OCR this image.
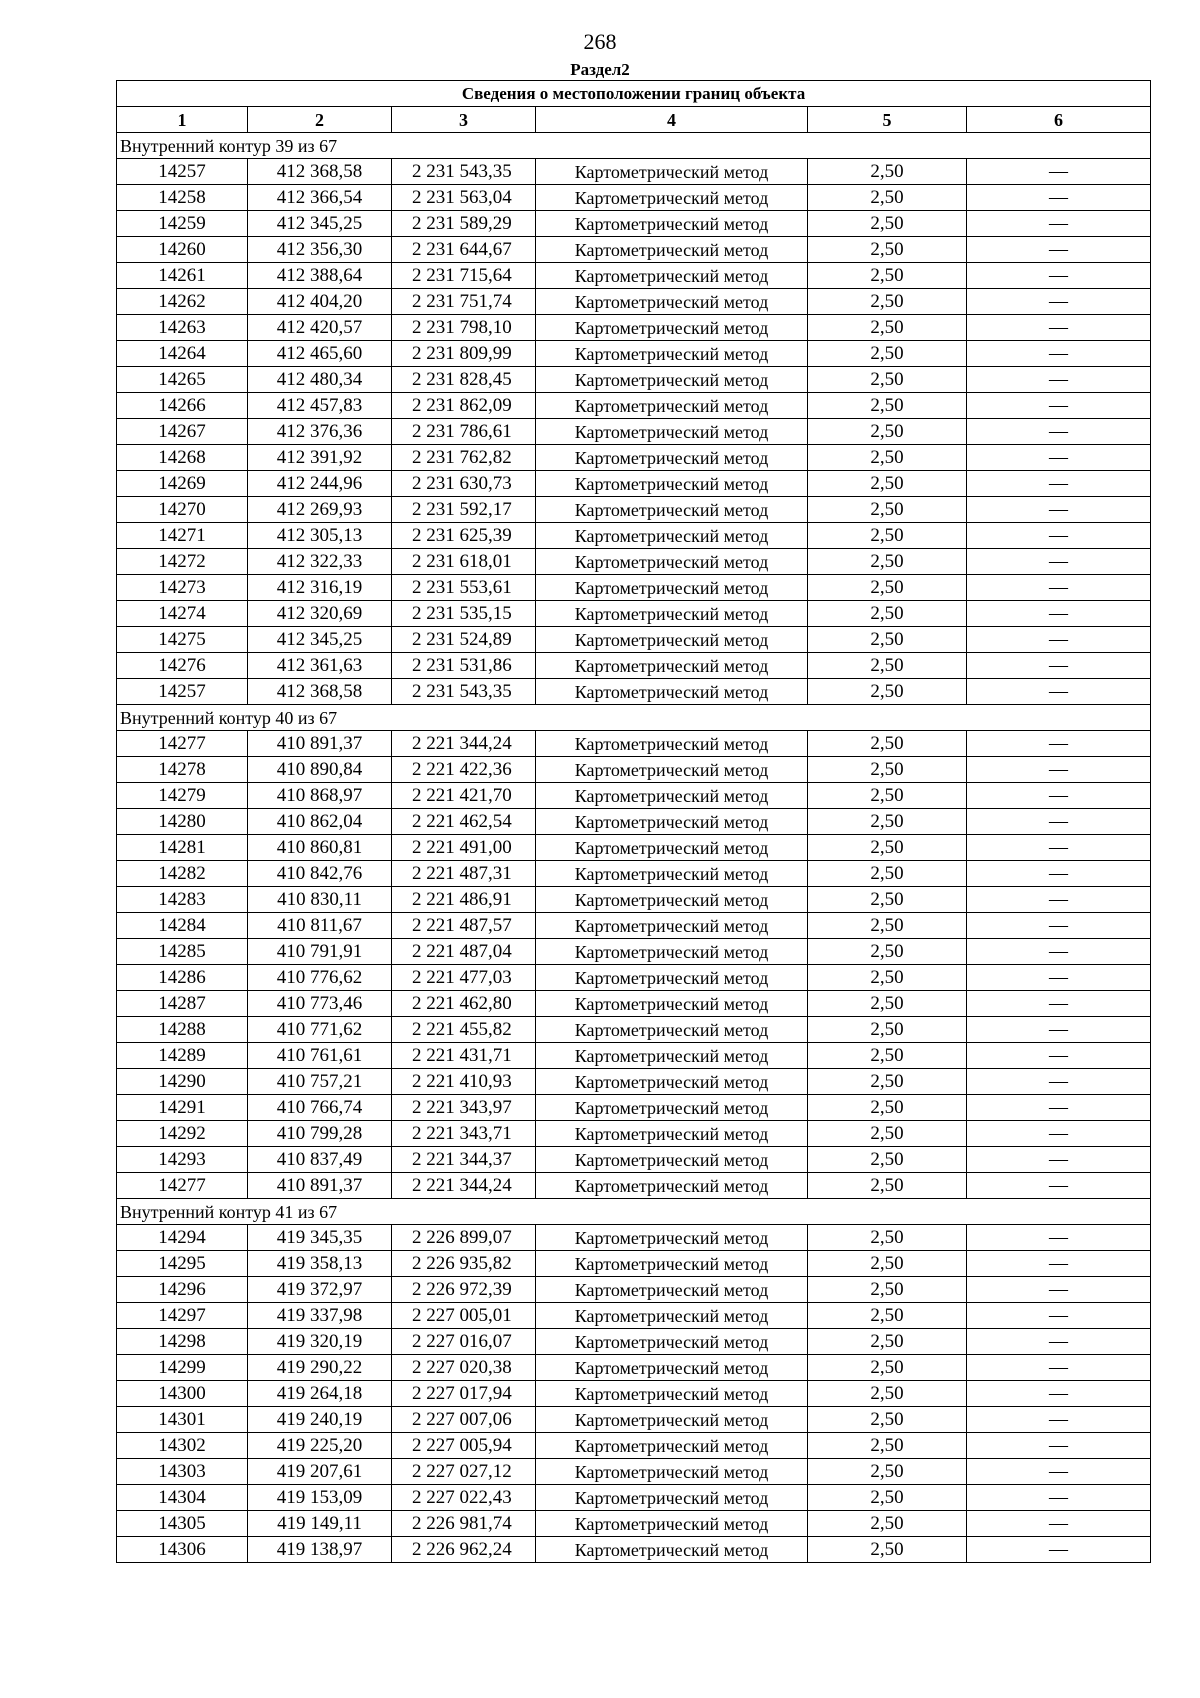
268
Раздел2
Сведения о местоположении границ объекта					
1	2	3	4	5	6
Внутренний контур 39 из 67					
14257	412 368,58	2 231 543,35	Картометрический метод	2,50	—
14258	412 366,54	2 231 563,04	Картометрический метод	2,50	—
14259	412 345,25	2 231 589,29	Картометрический метод	2,50	—
14260	412 356,30	2 231 644,67	Картометрический метод	2,50	—
14261	412 388,64	2 231 715,64	Картометрический метод	2,50	—
14262	412 404,20	2 231 751,74	Картометрический метод	2,50	—
14263	412 420,57	2 231 798,10	Картометрический метод	2,50	—
14264	412 465,60	2 231 809,99	Картометрический метод	2,50	—
14265	412 480,34	2 231 828,45	Картометрический метод	2,50	—
14266	412 457,83	2 231 862,09	Картометрический метод	2,50	—
14267	412 376,36	2 231 786,61	Картометрический метод	2,50	—
14268	412 391,92	2 231 762,82	Картометрический метод	2,50	—
14269	412 244,96	2 231 630,73	Картометрический метод	2,50	—
14270	412 269,93	2 231 592,17	Картометрический метод	2,50	—
14271	412 305,13	2 231 625,39	Картометрический метод	2,50	—
14272	412 322,33	2 231 618,01	Картометрический метод	2,50	—
14273	412 316,19	2 231 553,61	Картометрический метод	2,50	—
14274	412 320,69	2 231 535,15	Картометрический метод	2,50	—
14275	412 345,25	2 231 524,89	Картометрический метод	2,50	—
14276	412 361,63	2 231 531,86	Картометрический метод	2,50	—
14257	412 368,58	2 231 543,35	Картометрический метод	2,50	—
Внутренний контур 40 из 67					
14277	410 891,37	2 221 344,24	Картометрический метод	2,50	—
14278	410 890,84	2 221 422,36	Картометрический метод	2,50	—
14279	410 868,97	2 221 421,70	Картометрический метод	2,50	—
14280	410 862,04	2 221 462,54	Картометрический метод	2,50	—
14281	410 860,81	2 221 491,00	Картометрический метод	2,50	—
14282	410 842,76	2 221 487,31	Картометрический метод	2,50	—
14283	410 830,11	2 221 486,91	Картометрический метод	2,50	—
14284	410 811,67	2 221 487,57	Картометрический метод	2,50	—
14285	410 791,91	2 221 487,04	Картометрический метод	2,50	—
14286	410 776,62	2 221 477,03	Картометрический метод	2,50	—
14287	410 773,46	2 221 462,80	Картометрический метод	2,50	—
14288	410 771,62	2 221 455,82	Картометрический метод	2,50	—
14289	410 761,61	2 221 431,71	Картометрический метод	2,50	—
14290	410 757,21	2 221 410,93	Картометрический метод	2,50	—
14291	410 766,74	2 221 343,97	Картометрический метод	2,50	—
14292	410 799,28	2 221 343,71	Картометрический метод	2,50	—
14293	410 837,49	2 221 344,37	Картометрический метод	2,50	—
14277	410 891,37	2 221 344,24	Картометрический метод	2,50	—
Внутренний контур 41 из 67					
14294	419 345,35	2 226 899,07	Картометрический метод	2,50	—
14295	419 358,13	2 226 935,82	Картометрический метод	2,50	—
14296	419 372,97	2 226 972,39	Картометрический метод	2,50	—
14297	419 337,98	2 227 005,01	Картометрический метод	2,50	—
14298	419 320,19	2 227 016,07	Картометрический метод	2,50	—
14299	419 290,22	2 227 020,38	Картометрический метод	2,50	—
14300	419 264,18	2 227 017,94	Картометрический метод	2,50	—
14301	419 240,19	2 227 007,06	Картометрический метод	2,50	—
14302	419 225,20	2 227 005,94	Картометрический метод	2,50	—
14303	419 207,61	2 227 027,12	Картометрический метод	2,50	—
14304	419 153,09	2 227 022,43	Картометрический метод	2,50	—
14305	419 149,11	2 226 981,74	Картометрический метод	2,50	—
14306	419 138,97	2 226 962,24	Картометрический метод	2,50	—
